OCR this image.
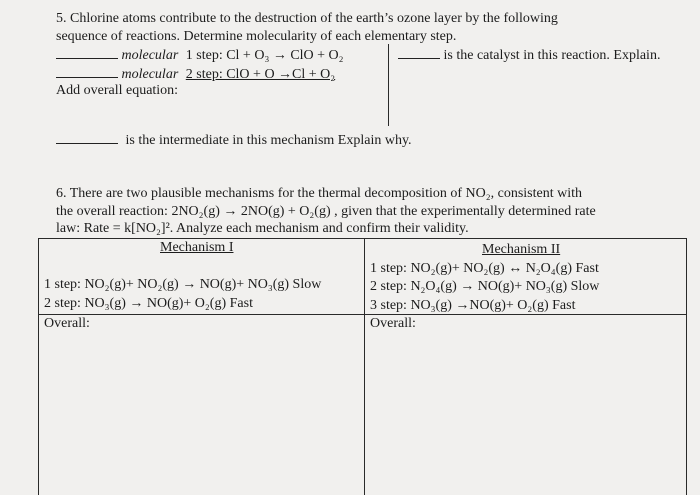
5. Chlorine atoms contribute to the destruction of the earth’s ozone layer by the following
sequence of reactions. Determine molecularity of each elementary step.
molecular 1 step: Cl + O₃ → ClO + O₂
molecular 2 step: ClO + O →Cl + O₂
is the catalyst in this reaction. Explain.
Add overall equation:
is the intermediate in this mechanism Explain why.
6. There are two plausible mechanisms for the thermal decomposition of NO₂, consistent with
the overall reaction: 2NO₂(g) → 2NO(g) + O₂(g) , given that the experimentally determined rate
law: Rate = k[NO₂]². Analyze each mechanism and confirm their validity.
Mechanism I
1 step: NO₂(g)+ NO₂(g) → NO(g)+ NO₃(g) Slow
2 step: NO₃(g) → NO(g)+ O₂(g) Fast
Overall:
Mechanism II
1 step: NO₂(g)+ NO₂(g) ↔ N₂O₄(g) Fast
2 step: N₂O₄(g) → NO(g)+ NO₃(g) Slow
3 step: NO₃(g) →NO(g)+ O₂(g) Fast
Overall:
